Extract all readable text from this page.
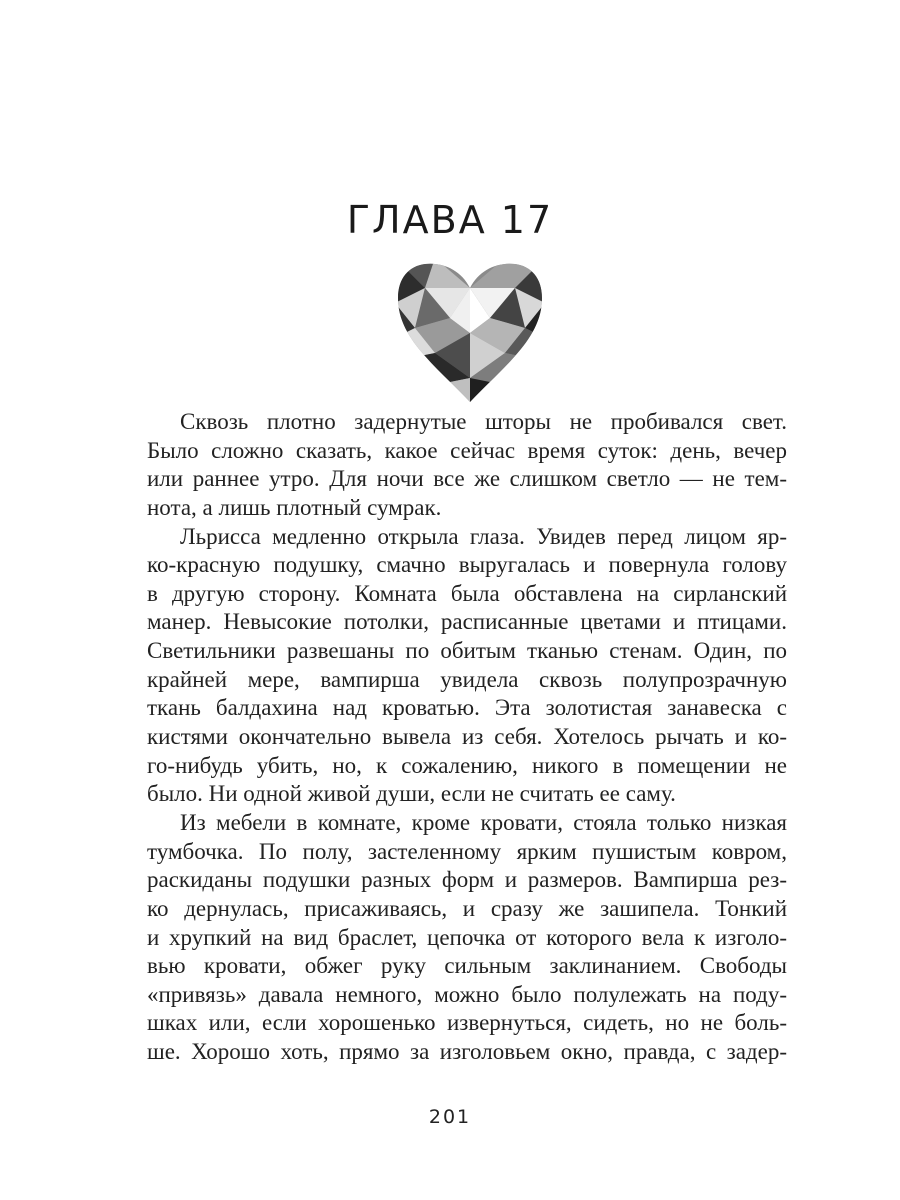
ГЛАВА 17
Сквозь плотно задернутые шторы не пробивался свет.
Было сложно сказать, какое сейчас время суток: день, вечер
или раннее утро. Для ночи все же слишком светло — не тем-
нота, а лишь плотный сумрак.
Льрисса медленно открыла глаза. Увидев перед лицом яр-
ко-красную подушку, смачно выругалась и повернула голову
в другую сторону. Комната была обставлена на сирланский
манер. Невысокие потолки, расписанные цветами и птицами.
Светильники развешаны по обитым тканью стенам. Один, по
крайней мере, вампирша увидела сквозь полупрозрачную
ткань балдахина над кроватью. Эта золотистая занавеска с
кистями окончательно вывела из себя. Хотелось рычать и ко-
го-нибудь убить, но, к сожалению, никого в помещении не
было. Ни одной живой души, если не считать ее саму.
Из мебели в комнате, кроме кровати, стояла только низкая
тумбочка. По полу, застеленному ярким пушистым ковром,
раскиданы подушки разных форм и размеров. Вампирша рез-
ко дернулась, присаживаясь, и сразу же зашипела. Тонкий
и хрупкий на вид браслет, цепочка от которого вела к изголо-
вью кровати, обжег руку сильным заклинанием. Свободы
«привязь» давала немного, можно было полулежать на поду-
шках или, если хорошенько извернуться, сидеть, но не боль-
ше. Хорошо хоть, прямо за изголовьем окно, правда, с задер-
201
